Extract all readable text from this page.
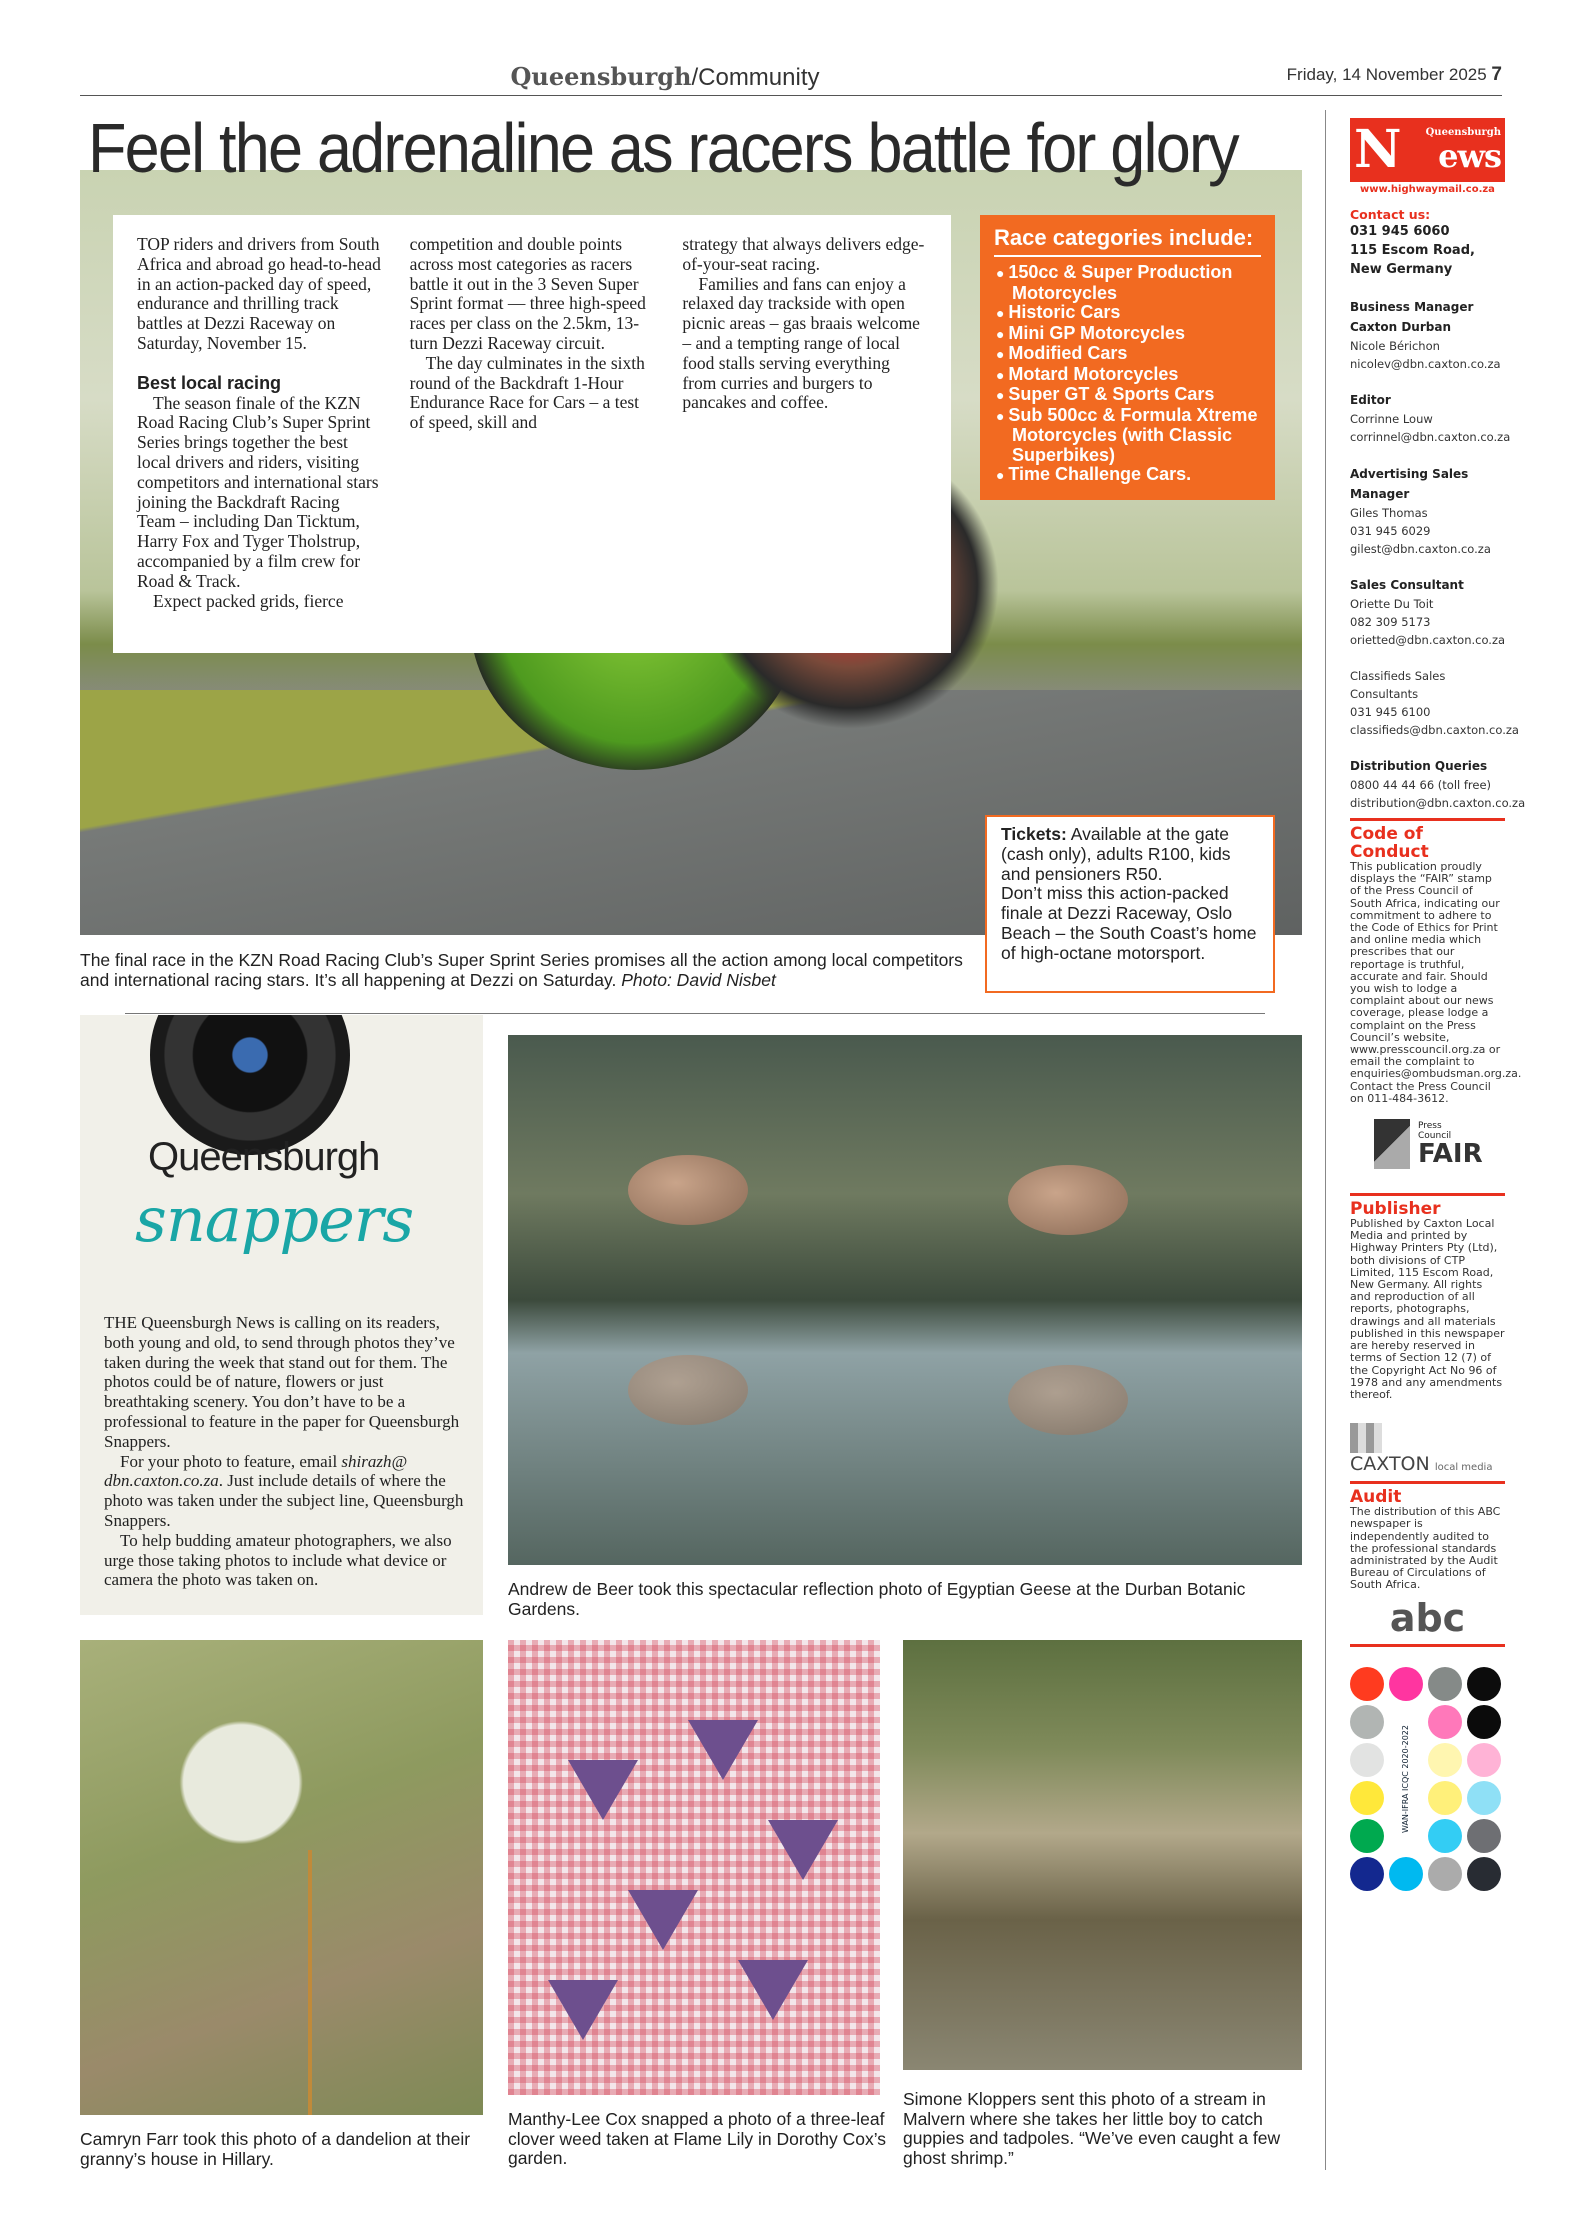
Queensburgh/Community	Friday, 14 November 2025 7
Feel the adrenaline as racers battle for glory

TOP riders and drivers from South Africa and abroad go head-to-head in an action-packed day of speed, endurance and thrilling track battles at Dezzi Raceway on Saturday, November 15.

Best local racing

The season finale of the KZN Road Racing Club’s Super Sprint Series brings together the best local drivers and riders, visiting competitors and international stars joining the Backdraft Racing Team – including Dan Ticktum, Harry Fox and Tyger Tholstrup, accompanied by a film crew for Road & Track.

Expect packed grids, fierce

competition and double points across most categories as racers battle it out in the 3 Seven Super Sprint format — three high-speed races per class on the 2.5km, 13-turn Dezzi Raceway circuit.

The day culminates in the sixth round of the Backdraft 1-Hour Endurance Race for Cars – a test of speed, skill and

strategy that always delivers edge-of-your-seat racing.

Families and fans can enjoy a relaxed day trackside with open picnic areas – gas braais welcome – and a tempting range of local food stalls serving everything from curries and burgers to pancakes and coffee.

Race categories include:
● 150cc & Super Production Motorcycles
● Historic Cars
● Mini GP Motorcycles
● Modified Cars
● Motard Motorcycles
● Super GT & Sports Cars
● Sub 500cc & Formula Xtreme Motorcycles (with Classic Superbikes)
● Time Challenge Cars.
Tickets: Available at the gate (cash only), adults R100, kids and pensioners R50.
Don’t miss this action-packed finale at Dezzi Raceway, Oslo Beach – the South Coast’s home of high-octane motorsport.
The final race in the KZN Road Racing Club’s Super Sprint Series promises all the action among local competitors and international racing stars. It’s all happening at Dezzi on Saturday. Photo: David Nisbet
Queensburgh
snappers

THE Queensburgh News is calling on its readers, both young and old, to send through photos they’ve taken during the week that stand out for them. The photos could be of nature, flowers or just breathtaking scenery. You don’t have to be a professional to feature in the paper for Queensburgh Snappers.

For your photo to feature, email shirazh@ dbn.caxton.co.za. Just include details of where the photo was taken under the subject line, Queensburgh Snappers.

To help budding amateur photographers, we also urge those taking photos to include what device or camera the photo was taken on.	Andrew de Beer took this spectacular reflection photo of Egyptian Geese at the Durban Botanic Gardens.
Camryn Farr took this photo of a dandelion at their granny’s house in Hillary.
Manthy-Lee Cox snapped a photo of a three-leaf clover weed taken at Flame Lily in Dorothy Cox’s garden.
Simone Kloppers sent this photo of a stream in Malvern where she takes her little boy to catch guppies and tadpoles. “We’ve even caught a few ghost shrimp.”
N Queensburgh
ews
www.highwaymail.co.za
Contact us:
031 945 6060
115 Escom Road,
New Germany
Business Manager Caxton Durban
Nicole Bérichon
nicolev@dbn.caxton.co.za
Editor
Corrinne Louw
corrinnel@dbn.caxton.co.za
Advertising Sales Manager
Giles Thomas
031 945 6029
gilest@dbn.caxton.co.za
Sales Consultant
Oriette Du Toit
082 309 5173
orietted@dbn.caxton.co.za
Classifieds Sales
Consultants
031 945 6100
classifieds@dbn.caxton.co.za
Distribution Queries
0800 44 44 66 (toll free)
distribution@dbn.caxton.co.za
Code of Conduct
This publication proudly displays the “FAIR” stamp of the Press Council of South Africa, indicating our commitment to adhere to the Code of Ethics for Print and online media which prescribes that our reportage is truthful, accurate and fair. Should you wish to lodge a complaint about our news coverage, please lodge a complaint on the Press Council’s website, www.presscouncil.org.za or email the complaint to enquiries@ombudsman.org.za. Contact the Press Council on 011-484-3612.
Press Council
FAIR
Publisher
Published by Caxton Local Media and printed by Highway Printers Pty (Ltd), both divisions of CTP Limited, 115 Escom Road, New Germany. All rights and reproduction of all reports, photographs, drawings and all materials published in this newspaper are hereby reserved in terms of Section 12 (7) of the Copyright Act No 96 of 1978 and any amendments thereof.
CAXTON local media
Audit
The distribution of this ABC newspaper is independently audited to the professional standards administrated by the Audit Bureau of Circulations of South Africa.
abc
WAN-IFRA ICQC 2020-2022
